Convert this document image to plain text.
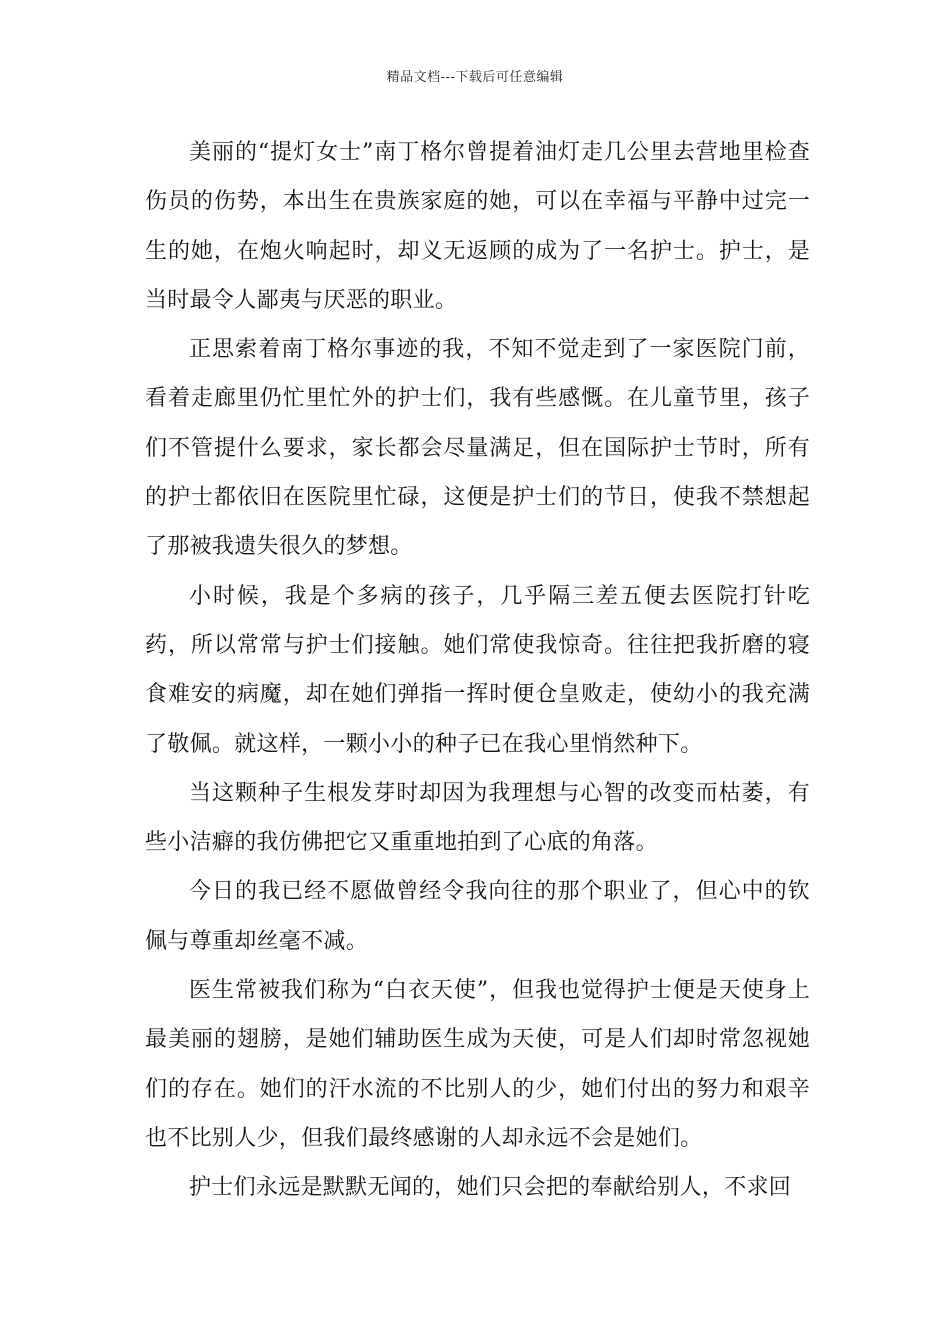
精品文档---下载后可任意编辑

美丽的“提灯女士”南丁格尔曾提着油灯走几公里去营地里检查伤员的伤势，本出生在贵族家庭的她，可以在幸福与平静中过完一生的她，在炮火响起时，却义无返顾的成为了一名护士。护士，是当时最令人鄙夷与厌恶的职业。

正思索着南丁格尔事迹的我，不知不觉走到了一家医院门前，看着走廊里仍忙里忙外的护士们，我有些感慨。在儿童节里，孩子们不管提什么要求，家长都会尽量满足，但在国际护士节时，所有的护士都依旧在医院里忙碌，这便是护士们的节日，使我不禁想起了那被我遗失很久的梦想。

小时候，我是个多病的孩子，几乎隔三差五便去医院打针吃药，所以常常与护士们接触。她们常使我惊奇。往往把我折磨的寝食难安的病魔，却在她们弹指一挥时便仓皇败走，使幼小的我充满了敬佩。就这样，一颗小小的种子已在我心里悄然种下。

当这颗种子生根发芽时却因为我理想与心智的改变而枯萎，有些小洁癖的我仿佛把它又重重地拍到了心底的角落。

今日的我已经不愿做曾经令我向往的那个职业了，但心中的钦佩与尊重却丝毫不减。

医生常被我们称为“白衣天使”，但我也觉得护士便是天使身上最美丽的翅膀，是她们辅助医生成为天使，可是人们却时常忽视她们的存在。她们的汗水流的不比别人的少，她们付出的努力和艰辛也不比别人少，但我们最终感谢的人却永远不会是她们。

护士们永远是默默无闻的，她们只会把的奉献给别人，不求回
